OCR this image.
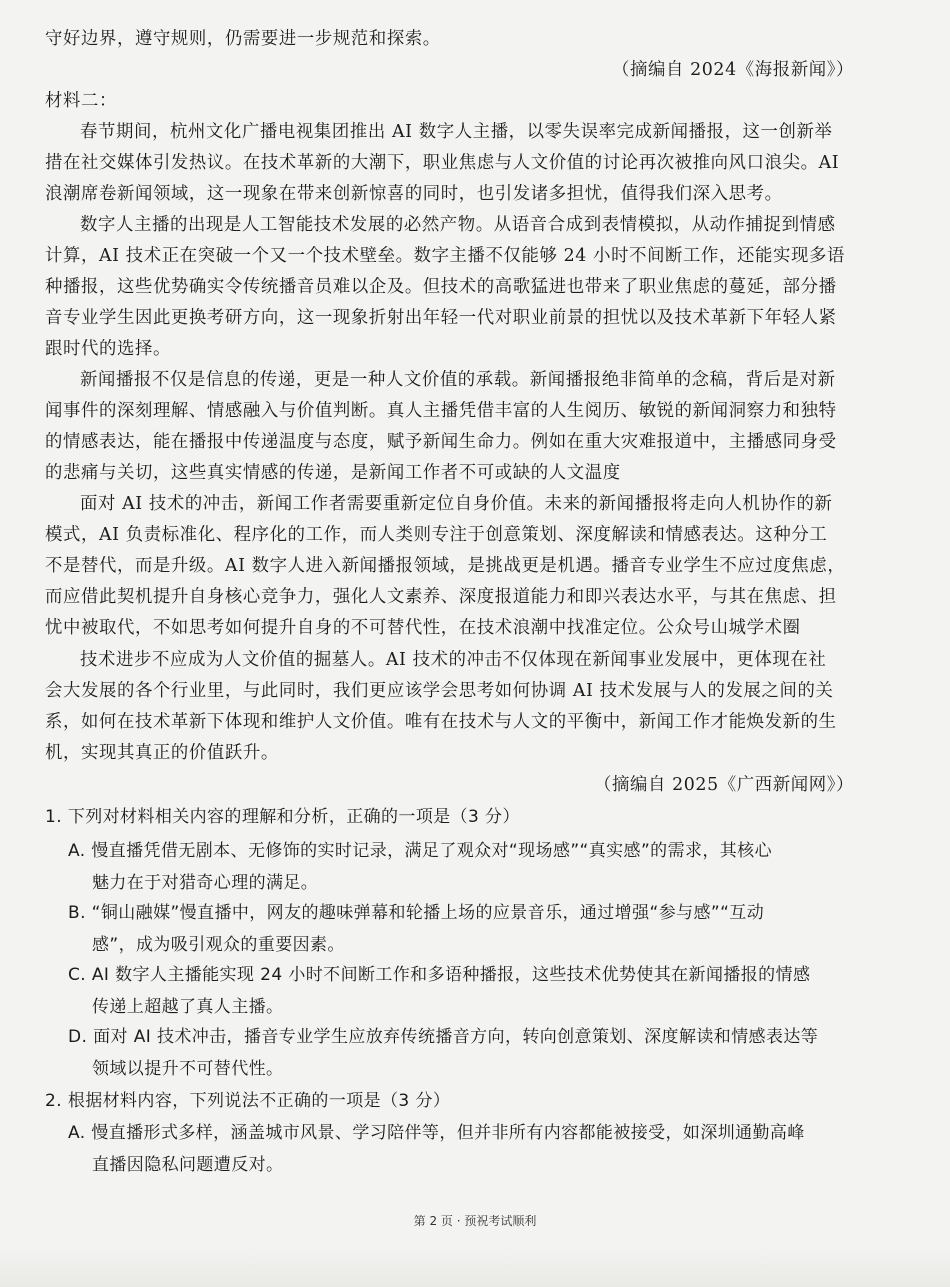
守好边界，遵守规则，仍需要进一步规范和探索。
（摘编自 2024《海报新闻》）
材料二：
春节期间，杭州文化广播电视集团推出 AI 数字人主播，以零失误率完成新闻播报，这一创新举
措在社交媒体引发热议。在技术革新的大潮下，职业焦虑与人文价值的讨论再次被推向风口浪尖。AI
浪潮席卷新闻领域，这一现象在带来创新惊喜的同时，也引发诸多担忧，值得我们深入思考。
数字人主播的出现是人工智能技术发展的必然产物。从语音合成到表情模拟，从动作捕捉到情感
计算，AI 技术正在突破一个又一个技术壁垒。数字主播不仅能够 24 小时不间断工作，还能实现多语
种播报，这些优势确实令传统播音员难以企及。但技术的高歌猛进也带来了职业焦虑的蔓延，部分播
音专业学生因此更换考研方向，这一现象折射出年轻一代对职业前景的担忧以及技术革新下年轻人紧
跟时代的选择。
新闻播报不仅是信息的传递，更是一种人文价值的承载。新闻播报绝非简单的念稿，背后是对新
闻事件的深刻理解、情感融入与价值判断。真人主播凭借丰富的人生阅历、敏锐的新闻洞察力和独特
的情感表达，能在播报中传递温度与态度，赋予新闻生命力。例如在重大灾难报道中，主播感同身受
的悲痛与关切，这些真实情感的传递，是新闻工作者不可或缺的人文温度
面对 AI 技术的冲击，新闻工作者需要重新定位自身价值。未来的新闻播报将走向人机协作的新
模式，AI 负责标准化、程序化的工作，而人类则专注于创意策划、深度解读和情感表达。这种分工
不是替代，而是升级。AI 数字人进入新闻播报领域，是挑战更是机遇。播音专业学生不应过度焦虑，
而应借此契机提升自身核心竞争力，强化人文素养、深度报道能力和即兴表达水平，与其在焦虑、担
忧中被取代，不如思考如何提升自身的不可替代性，在技术浪潮中找准定位。公众号山城学术圈
技术进步不应成为人文价值的掘墓人。AI 技术的冲击不仅体现在新闻事业发展中，更体现在社
会大发展的各个行业里，与此同时，我们更应该学会思考如何协调 AI 技术发展与人的发展之间的关
系，如何在技术革新下体现和维护人文价值。唯有在技术与人文的平衡中，新闻工作才能焕发新的生
机，实现其真正的价值跃升。
（摘编自 2025《广西新闻网》）
1. 下列对材料相关内容的理解和分析，正确的一项是（3 分）
A. 慢直播凭借无剧本、无修饰的实时记录，满足了观众对“现场感”“真实感”的需求，其核心
魅力在于对猎奇心理的满足。
B. “铜山融媒”慢直播中，网友的趣味弹幕和轮播上场的应景音乐，通过增强“参与感”“互动
感”，成为吸引观众的重要因素。
C. AI 数字人主播能实现 24 小时不间断工作和多语种播报，这些技术优势使其在新闻播报的情感
传递上超越了真人主播。
D. 面对 AI 技术冲击，播音专业学生应放弃传统播音方向，转向创意策划、深度解读和情感表达等
领域以提升不可替代性。
2. 根据材料内容，下列说法不正确的一项是（3 分）
A. 慢直播形式多样，涵盖城市风景、学习陪伴等，但并非所有内容都能被接受，如深圳通勤高峰
直播因隐私问题遭反对。
第 2 页 · 预祝考试顺利
